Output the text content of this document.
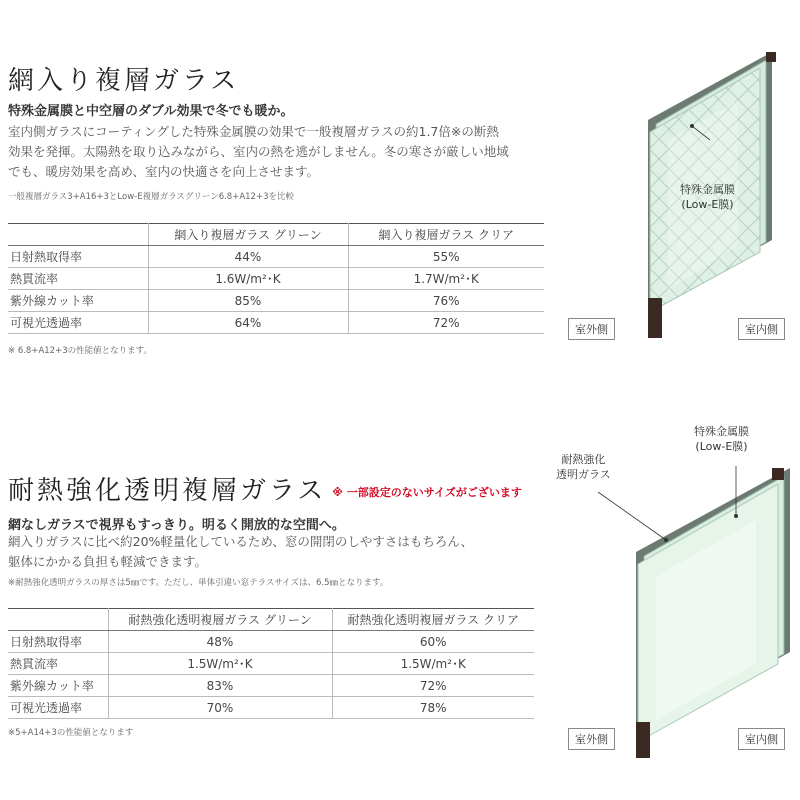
網入り複層ガラス
特殊金属膜と中空層のダブル効果で冬でも暖か。
室内側ガラスにコーティングした特殊金属膜の効果で一般複層ガラスの約1.7倍※の断熱
効果を発揮。太陽熱を取り込みながら、室内の熱を逃がしません。冬の寒さが厳しい地域
でも、暖房効果を高め、室内の快適さを向上させます。
一般複層ガラス3+A16+3とLow-E複層ガラスグリーン6.8+A12+3を比較
	網入り複層ガラス グリーン	網入り複層ガラス クリア
日射熱取得率	44%	55%
熱貫流率	1.6W/m²･K	1.7W/m²･K
紫外線カット率	85%	76%
可視光透過率	64%	72%
※ 6.8+A12+3の性能値となります。
特殊金属膜
(Low-E膜)
室外側	室内側
耐熱強化透明複層ガラス ※ 一部設定のないサイズがございます
網なしガラスで視界もすっきり。明るく開放的な空間へ。
網入りガラスに比べ約20%軽量化しているため、窓の開閉のしやすさはもちろん、
躯体にかかる負担も軽減できます。
※耐熱強化透明ガラスの厚さは5㎜です。ただし、単体引違い窓テラスサイズは、6.5㎜となります。
	耐熱強化透明複層ガラス グリーン	耐熱強化透明複層ガラス クリア
日射熱取得率	48%	60%
熱貫流率	1.5W/m²･K	1.5W/m²･K
紫外線カット率	83%	72%
可視光透過率	70%	78%
※5+A14+3の性能値となります
特殊金属膜
(Low-E膜)
耐熱強化
透明ガラス
室外側	室内側
